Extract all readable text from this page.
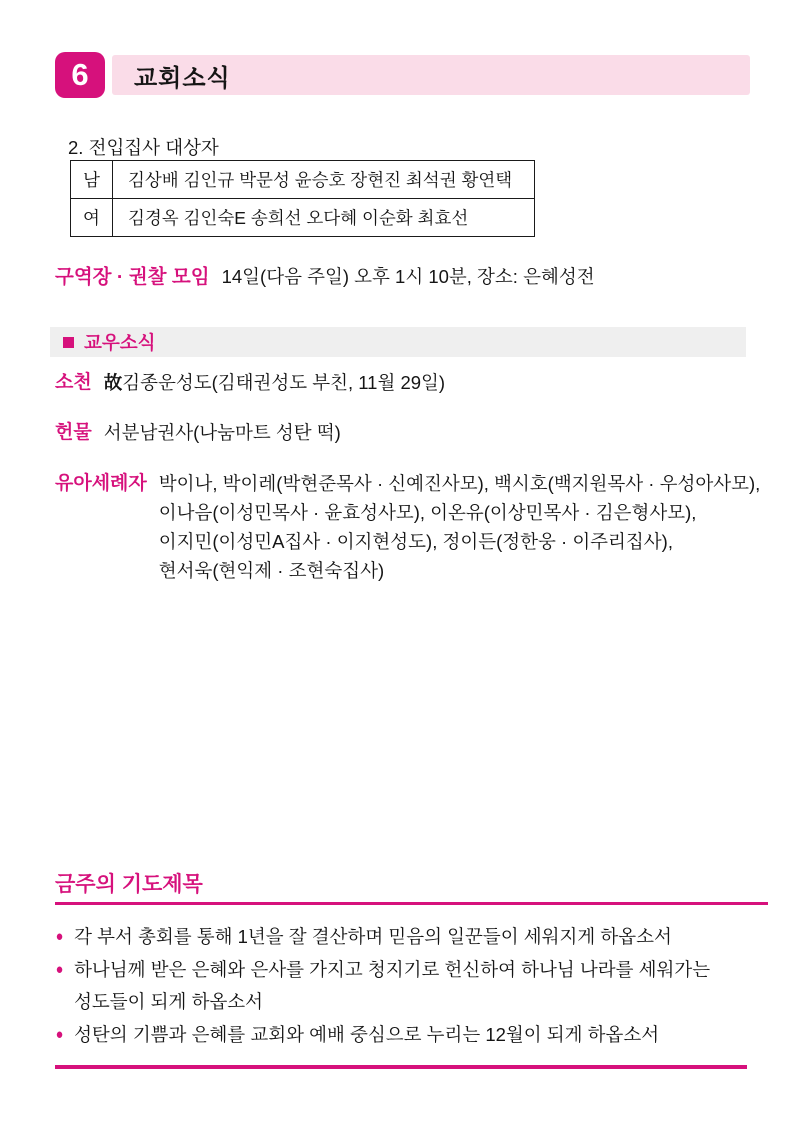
6	교회소식
2. 전입집사 대상자
남	김상배 김인규 박문성 윤승호 장현진 최석권 황연택
여	김경옥 김인숙E 송희선 오다혜 이순화 최효선
구역장 · 권찰 모임 14일(다음 주일) 오후 1시 10분, 장소: 은혜성전
교우소식
소천 故김종운성도(김태권성도 부친, 11월 29일)
헌물 서분남권사(나눔마트 성탄 떡)
유아세례자 박이나, 박이레(박현준목사 · 신예진사모), 백시호(백지원목사 · 우성아사모),
이나음(이성민목사 · 윤효성사모), 이온유(이상민목사 · 김은형사모),
이지민(이성민A집사 · 이지현성도), 정이든(정한웅 · 이주리집사),
현서욱(현익제 · 조현숙집사)
금주의 기도제목
● 각 부서 총회를 통해 1년을 잘 결산하며 믿음의 일꾼들이 세워지게 하옵소서
● 하나님께 받은 은혜와 은사를 가지고 청지기로 헌신하여 하나님 나라를 세워가는
성도들이 되게 하옵소서
● 성탄의 기쁨과 은혜를 교회와 예배 중심으로 누리는 12월이 되게 하옵소서
